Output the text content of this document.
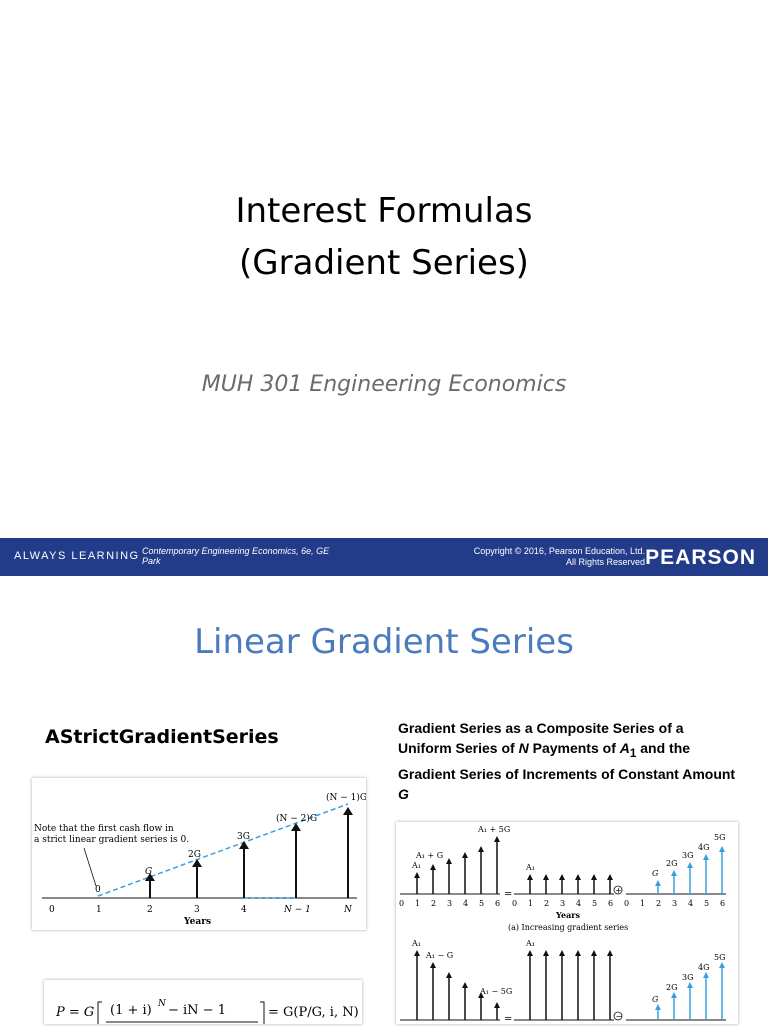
Interest Formulas
(Gradient Series)
MUH 301 Engineering Economics
ALWAYS LEARNING Contemporary Engineering Economics, 6e, GE
Park
Copyright © 2016, Pearson Education, Ltd.
All Rights Reserved PEARSON
Linear Gradient Series
AStrictGradientSeries	Gradient Series as a Composite Series of a Uniform Series of N Payments of $A_1$ and the Gradient Series of Increments of Constant Amount G
Note that the first cash flow in
a strict linear gradient series is 0.
0
G
2G
3G
(N − 2)G
(N − 1)G
0	1	2	3	4	N − 1	N
Years
A₁
A₁ + G
A₁ + 5G
=
A₁
+
G
2G
3G
4G
5G
0 1 2 3 4 5 6 0 1 2 3 4 5 6 0 1 2 3 4 5 6
Years
(a) Increasing gradient series
A₁
A₁ − G
A₁ − 5G
=
A₁
−
G
2G
3G
4G
5G
P = G (1 + i) N − iN − 1	= G(P/G, i, N)
